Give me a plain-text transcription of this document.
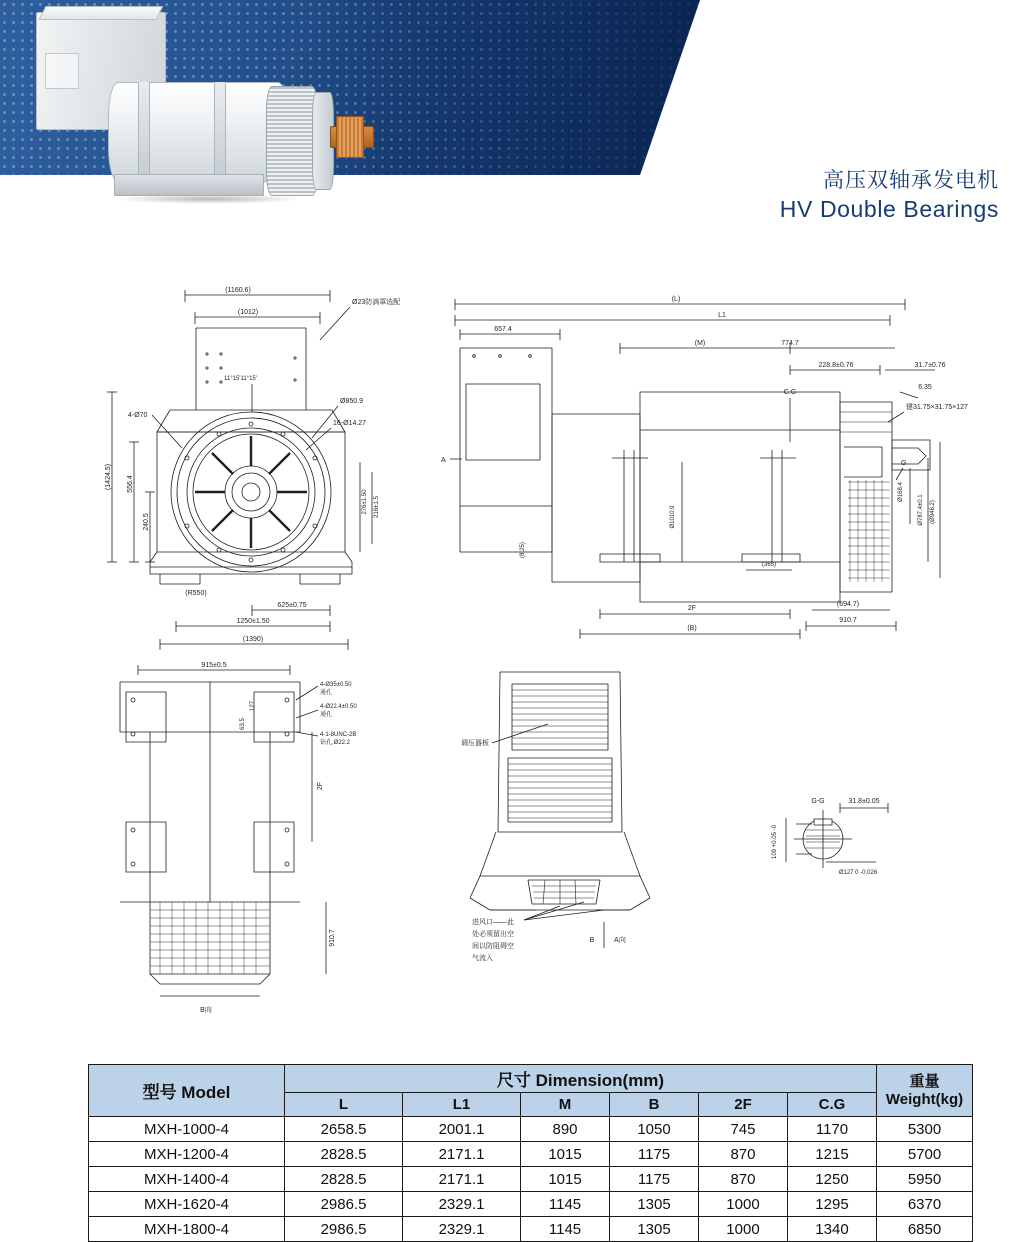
高压双轴承发电机
HV Double Bearings
(1160.6)
(1012)
(1424.5) 556.4
240.5
Ø23防滴罩选配
11°15'11°15'
Ø850.9
16-Ø14.27
4-Ø70
276±1.50 216±1.5
(R550)
625±0.75
1250±1.50
(1390)
(L)
L1
657.4
(M)	774.7
228.8±0.76	31.7±0.76
6.35
键31.75×31.75×127
C.G
G
A
Ø168.4
Ø787.4±0.1 (Ø946.2)
Ø1010.9
(8.25)
(365)
2F
(B)
(694.7)
910.7
915±0.5
4-Ø35±0.50
通孔
4-Ø22.4±0.50
通孔
4-1-8UNC-2B
钻孔,Ø22.2
127
63.5
2F
910.7
B向
调压器板
进风口——此
处必须留出空
间以防阻碍空
气流入
B	A向
G-G	31.8±0.05
109 +0.05 -0
Ø127 0 -0.026
型号 Model	尺寸 Dimension(mm)						重量
Weight(kg)

	L	L1	M	B	2F	C.G	
MXH-1000-4	2658.5	2001.1	890	1050	745	1170	5300
MXH-1200-4	2828.5	2171.1	1015	1175	870	1215	5700
MXH-1400-4	2828.5	2171.1	1015	1175	870	1250	5950
MXH-1620-4	2986.5	2329.1	1145	1305	1000	1295	6370
MXH-1800-4	2986.5	2329.1	1145	1305	1000	1340	6850
